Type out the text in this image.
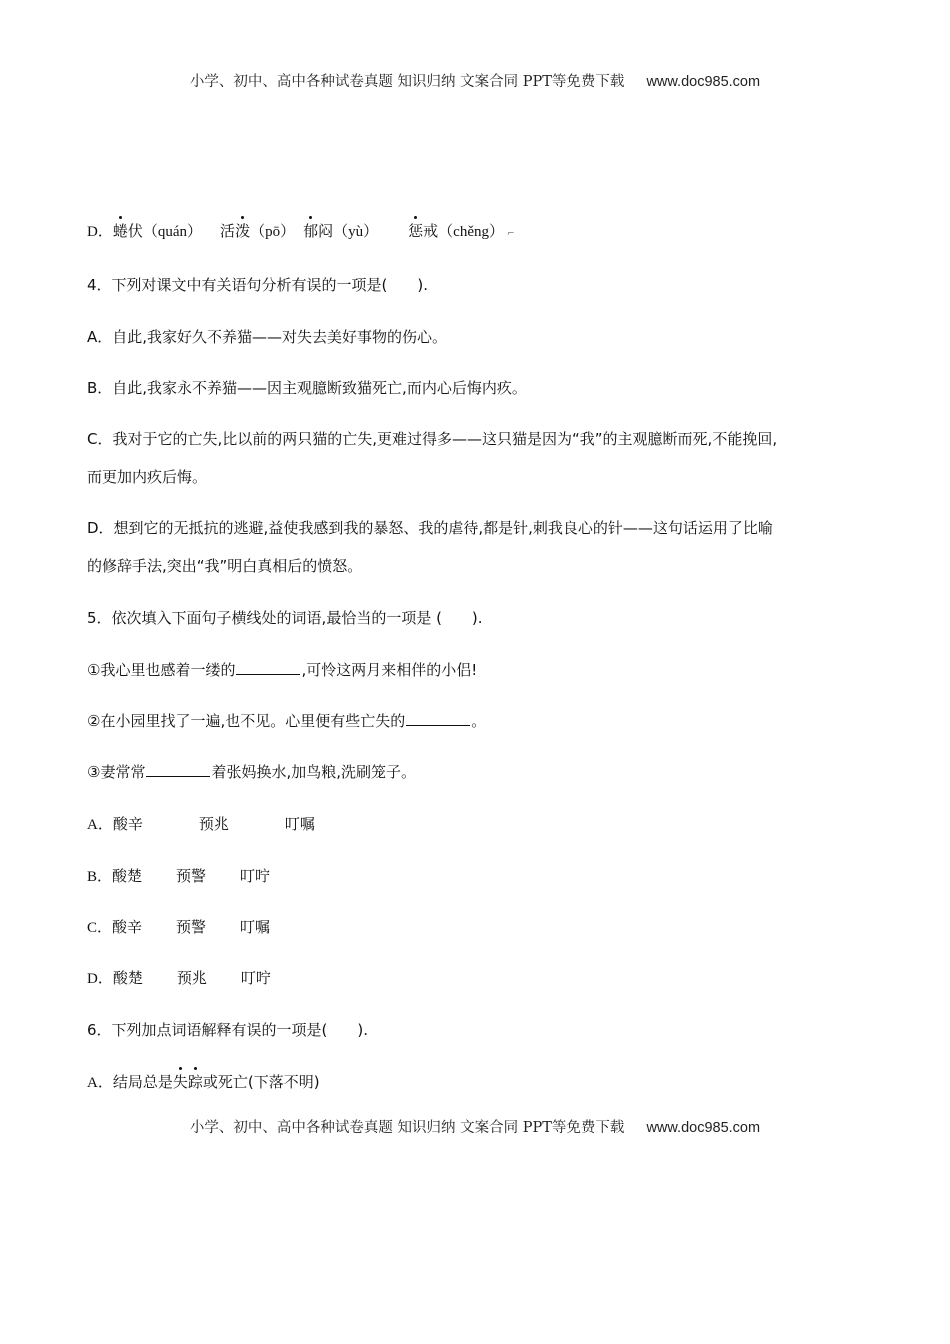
小学、初中、高中各种试卷真题 知识归纳 文案合同 PPT等免费下载 www.doc985.com
D．蜷伏（quán） 活泼（pō） 郁闷（yù） 惩戒（chěng） ⌐
4．下列对课文中有关语句分析有误的一项是(　　).
A．自此,我家好久不养猫——对失去美好事物的伤心。
B．自此,我家永不养猫——因主观臆断致猫死亡,而内心后悔内疚。
C．我对于它的亡失,比以前的两只猫的亡失,更难过得多——这只猫是因为“我”的主观臆断而死,不能挽回,
而更加内疚后悔。
D．想到它的无抵抗的逃避,益使我感到我的暴怒、我的虐待,都是针,刺我良心的针——这句话运用了比喻
的修辞手法,突出“我”明白真相后的愤怒。
5．依次填入下面句子横线处的词语,最恰当的一项是 (　　).
①我心里也感着一缕的	,可怜这两月来相伴的小侣!
②在小园里找了一遍,也不见。心里便有些亡失的	。
③妻常常	着张妈换水,加鸟粮,洗刷笼子。
A．酸辛	预兆	叮嘱
B．酸楚 预警 叮咛
C．酸辛 预警 叮嘱
D．酸楚 预兆 叮咛
6．下列加点词语解释有误的一项是(　　).
A．结局总是失踪或死亡(下落不明)
小学、初中、高中各种试卷真题 知识归纳 文案合同 PPT等免费下载 www.doc985.com
